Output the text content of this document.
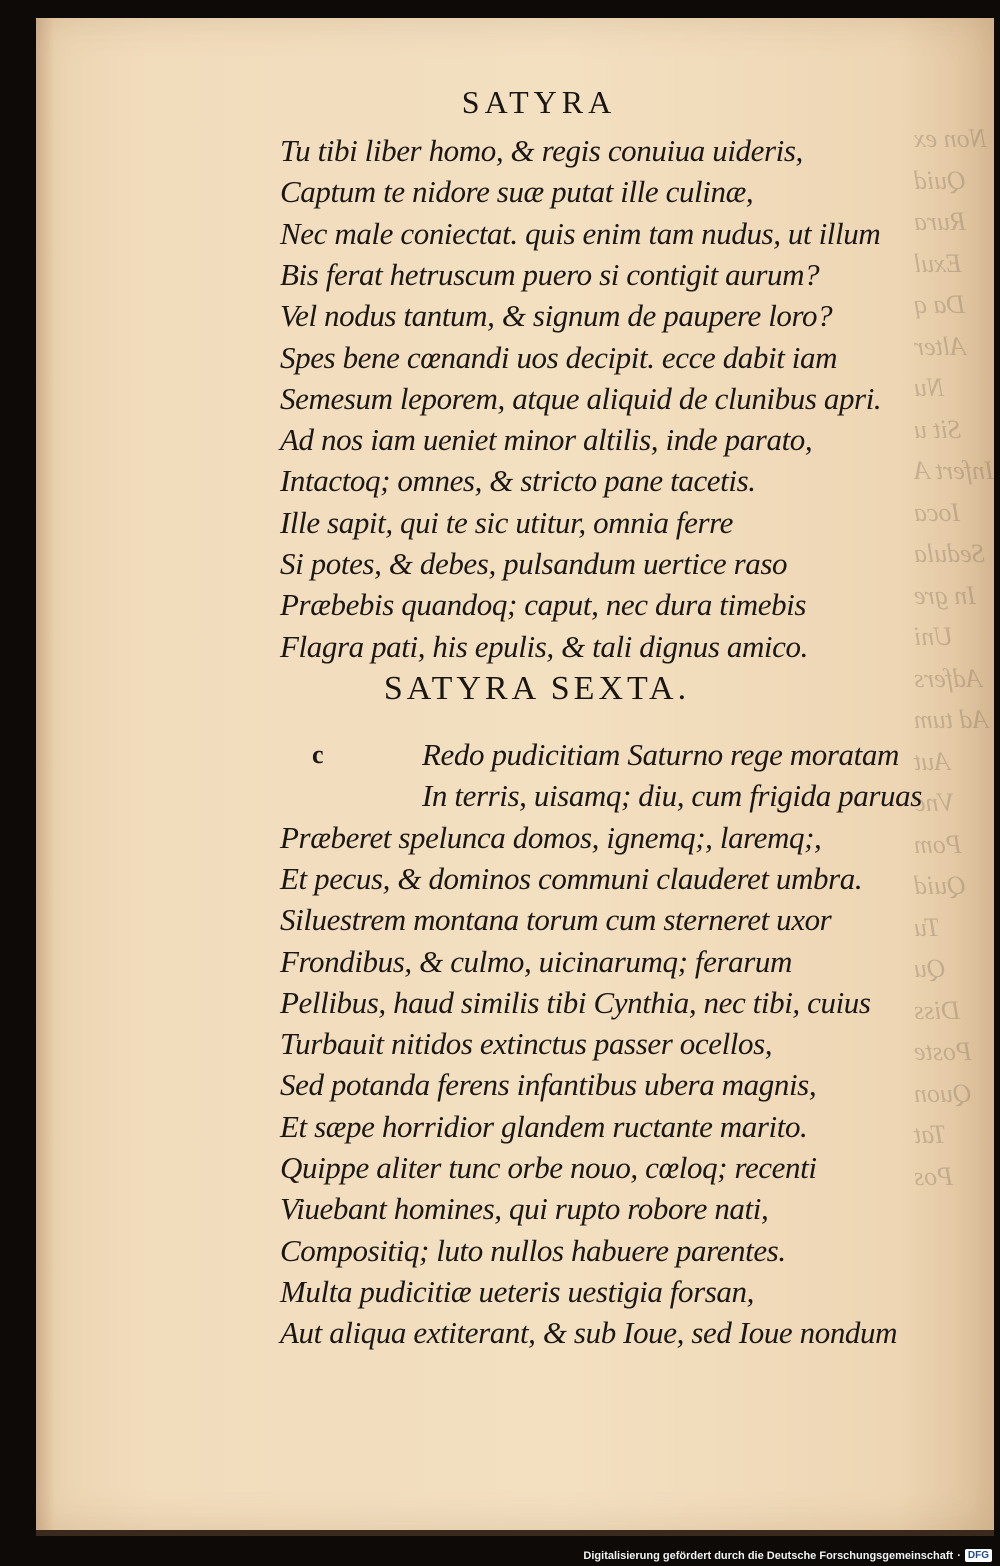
Non ex
Quid
Rura
Exul
Da q
Alter
Nu
Sit u
Infert A
Ioca
Sedula
In gre
Uni
Adfers
Ad tum
Aut
Vnc
Pom
Quid
Tu
Qu
Diss
Poste
Quon
Tat
Pos
SATYRA
Tu tibi liber homo, & regis conuiua uideris,
Captum te nidore suæ putat ille culinæ,
Nec male coniectat. quis enim tam nudus, ut illum
Bis ferat hetruscum puero si contigit aurum?
Vel nodus tantum, & signum de paupere loro?
Spes bene cœnandi uos decipit. ecce dabit iam
Semesum leporem, atque aliquid de clunibus apri.
Ad nos iam ueniet minor altilis, inde parato,
Intactoq; omnes, & stricto pane tacetis.
Ille sapit, qui te sic utitur, omnia ferre
Si potes, & debes, pulsandum uertice raso
Præbebis quandoq; caput, nec dura timebis
Flagra pati, his epulis, & tali dignus amico.
SATYRA SEXTA.
c	Redo pudicitiam Saturno rege moratam
In terris, uisamq; diu, cum frigida paruas
Præberet spelunca domos, ignemq;, laremq;,
Et pecus, & dominos communi clauderet umbra.
Siluestrem montana torum cum sterneret uxor
Frondibus, & culmo, uicinarumq; ferarum
Pellibus, haud similis tibi Cynthia, nec tibi, cuius
Turbauit nitidos extinctus passer ocellos,
Sed potanda ferens infantibus ubera magnis,
Et sæpe horridior glandem ructante marito.
Quippe aliter tunc orbe nouo, cœloq; recenti
Viuebant homines, qui rupto robore nati,
Compositiq; luto nullos habuere parentes.
Multa pudicitiæ ueteris uestigia forsan,
Aut aliqua extiterant, & sub Ioue, sed Ioue nondum
Digitalisierung gefördert durch die Deutsche Forschungsgemeinschaft · DFG
